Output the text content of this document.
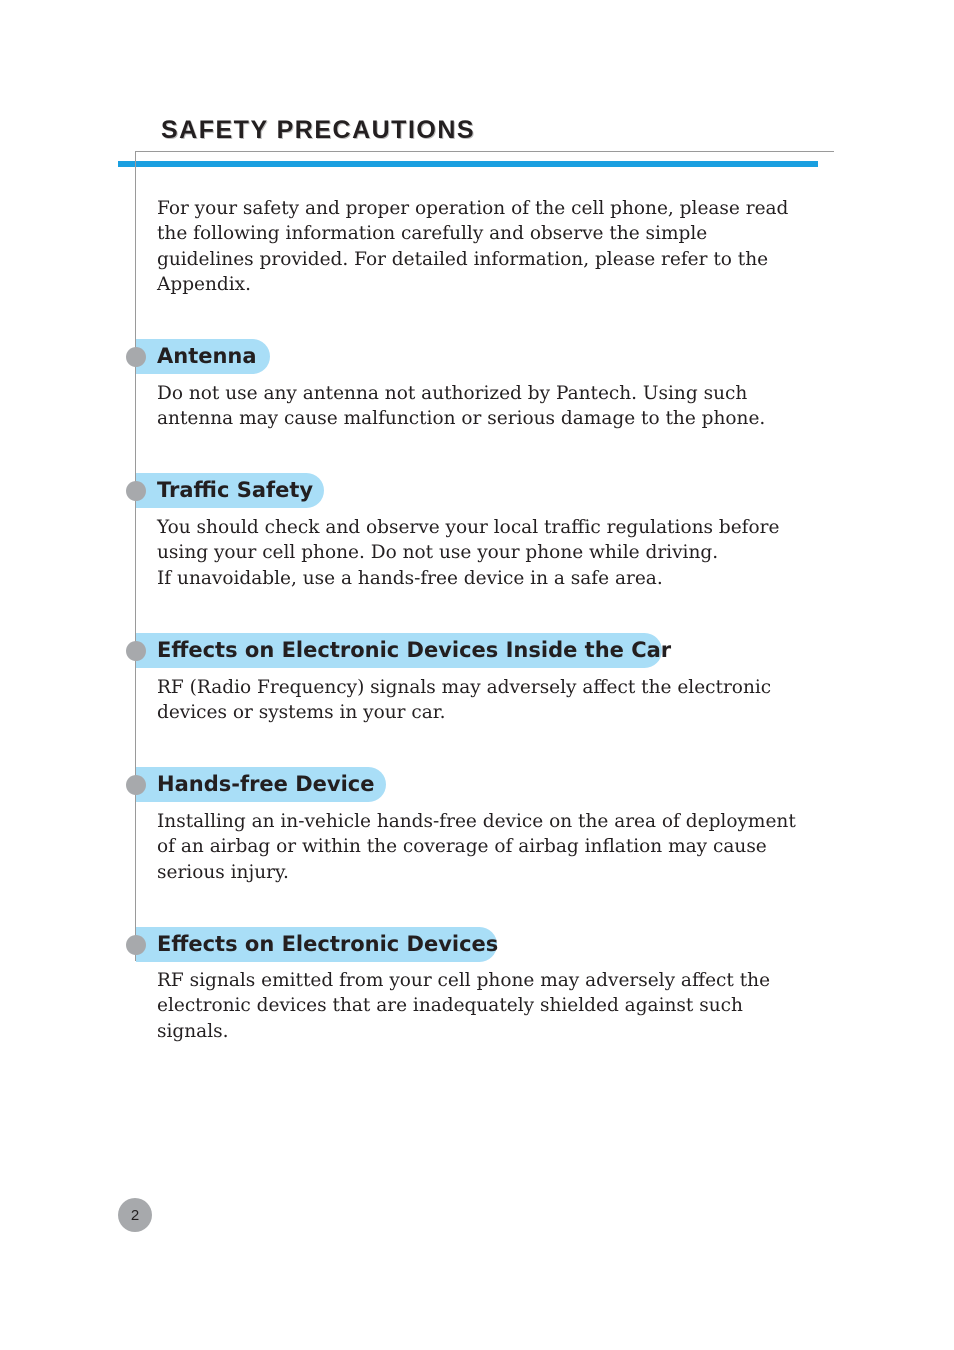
SAFETY PRECAUTIONS

For your safety and proper operation of the cell phone, please read
the following information carefully and observe the simple
guidelines provided. For detailed information, please refer to the
Appendix.

Antenna

Do not use any antenna not authorized by Pantech. Using such
antenna may cause malfunction or serious damage to the phone.

Traffic Safety

You should check and observe your local traffic regulations before
using your cell phone. Do not use your phone while driving.
If unavoidable, use a hands-free device in a safe area.

Effects on Electronic Devices Inside the Car

RF (Radio Frequency) signals may adversely affect the electronic
devices or systems in your car.

Hands-free Device

Installing an in-vehicle hands-free device on the area of deployment
of an airbag or within the coverage of airbag inflation may cause
serious injury.

Effects on Electronic Devices

RF signals emitted from your cell phone may adversely affect the
electronic devices that are inadequately shielded against such
signals.

2
